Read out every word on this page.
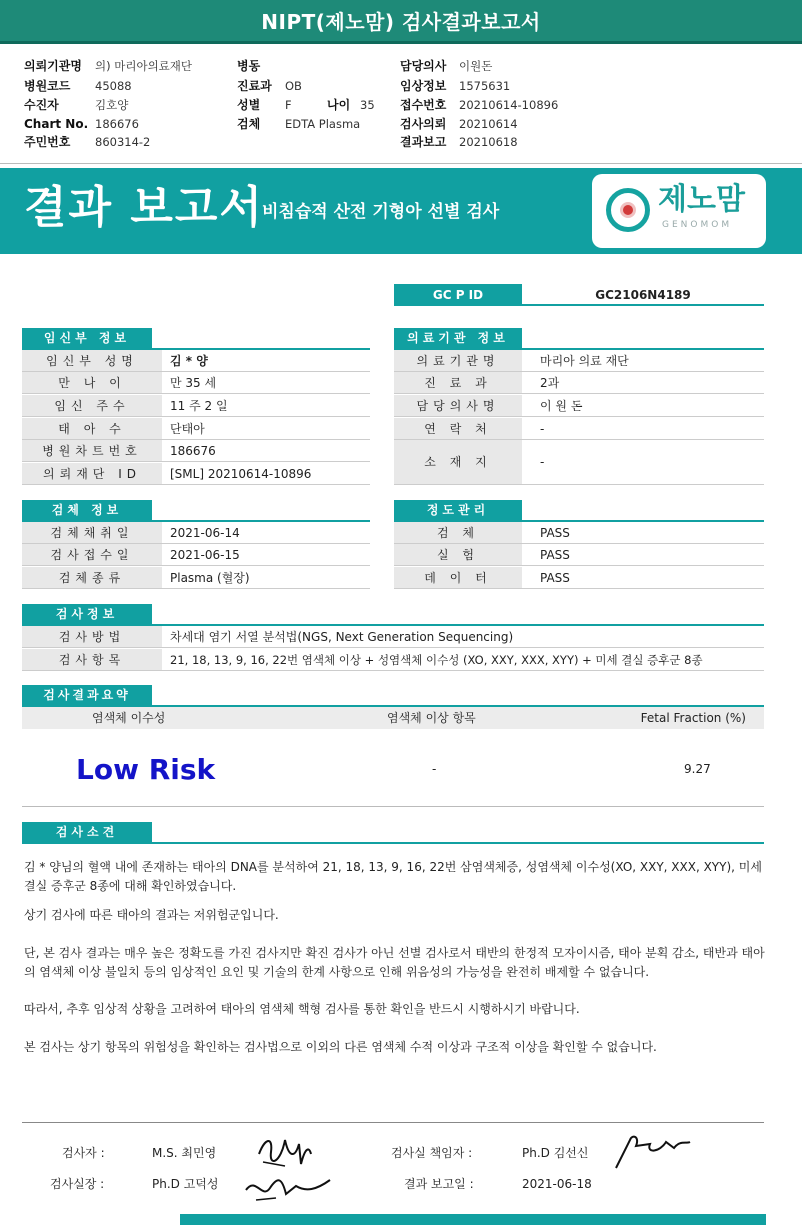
NIPT(제노맘) 검사결과보고서
의뢰기관명 의) 마리아의료재단
병원코드 45088
수진자	김호양
Chart No. 186676
주민번호 860314-2
병동
진료과 OB
성별 F	나이 35
검체 EDTA Plasma
담당의사 이원돈
임상정보 1575631
접수번호 20210614-10896
검사의뢰 20210614
결과보고 20210618
결과 보고서
비침습적 산전 기형아 선별 검사	제노맘
GENOMOM
GC P ID	GC2106N4189
임신부 정보	의료기관 정보
임신부 성명	김 * 양
만 나 이	만 35 세
임신 주수	11 주 2 일
태 아 수	단태아
병원차트번호	186676
의뢰재단 ID	[SML] 20210614-10896
의료기관명	마리아 의료 재단
진 료 과	2과
담당의사명	이 원 돈
연 락 처	-
소 재 지	-
검체 정보	정도관리
검체채취일	2021-06-14
검사접수일	2021-06-15
검체종류	Plasma (혈장)
검 체	PASS
실 험	PASS
데 이 터	PASS
검사정보
검사방법	차세대 염기 서열 분석법(NGS, Next Generation Sequencing)
검사항목	21, 18, 13, 9, 16, 22번 염색체 이상 + 성염색체 이수성 (XO, XXY, XXX, XYY) + 미세 결실 증후군 8종
검사결과요약
염색체 이수성	염색체 이상 항목	Fetal Fraction (%)
Low Risk	-	9.27
검사소견
김 * 양님의 혈액 내에 존재하는 태아의 DNA를 분석하여 21, 18, 13, 9, 16, 22번 삼염색체증, 성염색체 이수성(XO, XXY, XXX, XYY), 미세 결실 증후군 8종에 대해 확인하였습니다.
상기 검사에 따른 태아의 결과는 저위험군입니다.
단, 본 검사 결과는 매우 높은 정확도를 가진 검사지만 확진 검사가 아닌 선별 검사로서 태반의 한정적 모자이시즘, 태아 분획 감소, 태반과 태아의 염색체 이상 불일치 등의 임상적인 요인 및 기술의 한계 사항으로 인해 위음성의 가능성을 완전히 배제할 수 없습니다.
따라서, 추후 임상적 상황을 고려하여 태아의 염색체 핵형 검사를 통한 확인을 반드시 시행하시기 바랍니다.
본 검사는 상기 항목의 위험성을 확인하는 검사법으로 이외의 다른 염색체 수적 이상과 구조적 이상을 확인할 수 없습니다.
검사자 :	M.S. 최민영	검사실 책임자 :	Ph.D 김선신
검사실장 :	Ph.D 고덕성	결과 보고일 :	2021-06-18
